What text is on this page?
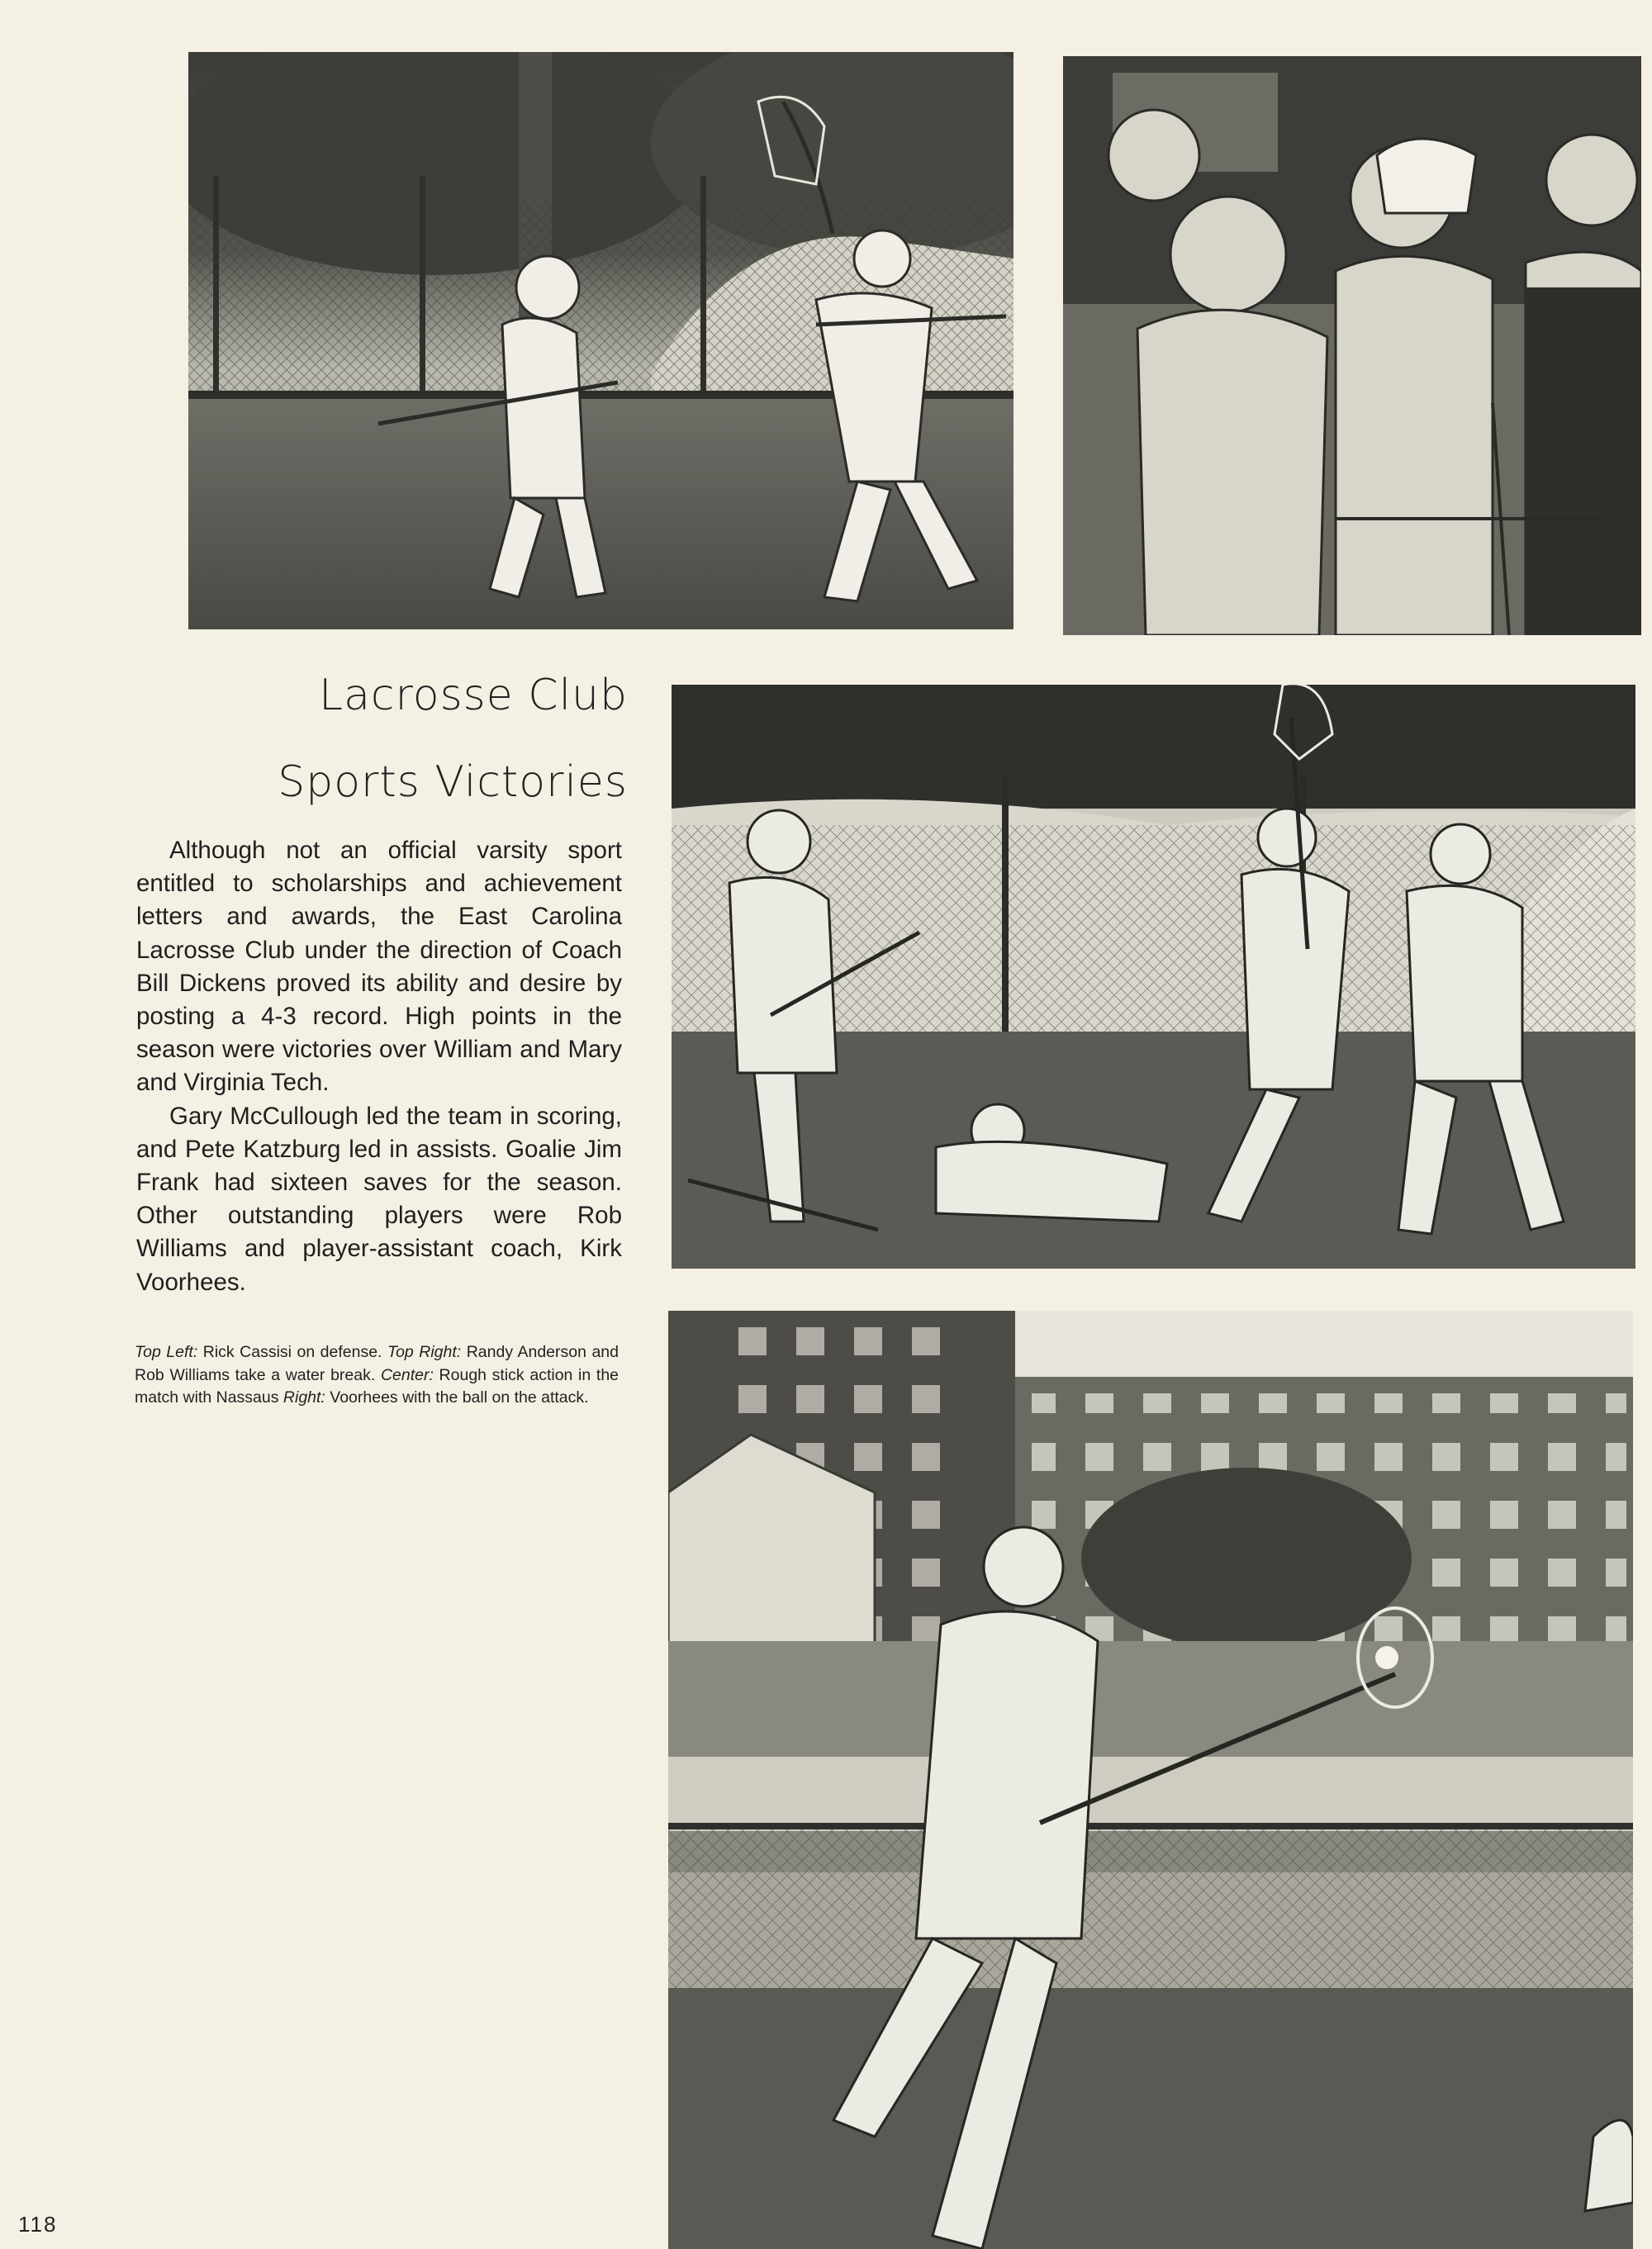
Lacrosse Club
Sports Victories

Although not an official varsity sport entitled to scholarships and achievement letters and awards, the East Carolina Lacrosse Club under the direction of Coach Bill Dickens proved its ability and desire by posting a 4-3 record. High points in the season were victories over William and Mary and Virginia Tech.

Gary McCullough led the team in scoring, and Pete Katzburg led in assists. Goalie Jim Frank had sixteen saves for the season. Other outstanding players were Rob Williams and player-assistant coach, Kirk Voorhees.

Top Left: Rick Cassisi on defense. Top Right: Randy Anderson and Rob Williams take a water break. Center: Rough stick action in the match with Nassaus Right: Voorhees with the ball on the attack.
118
